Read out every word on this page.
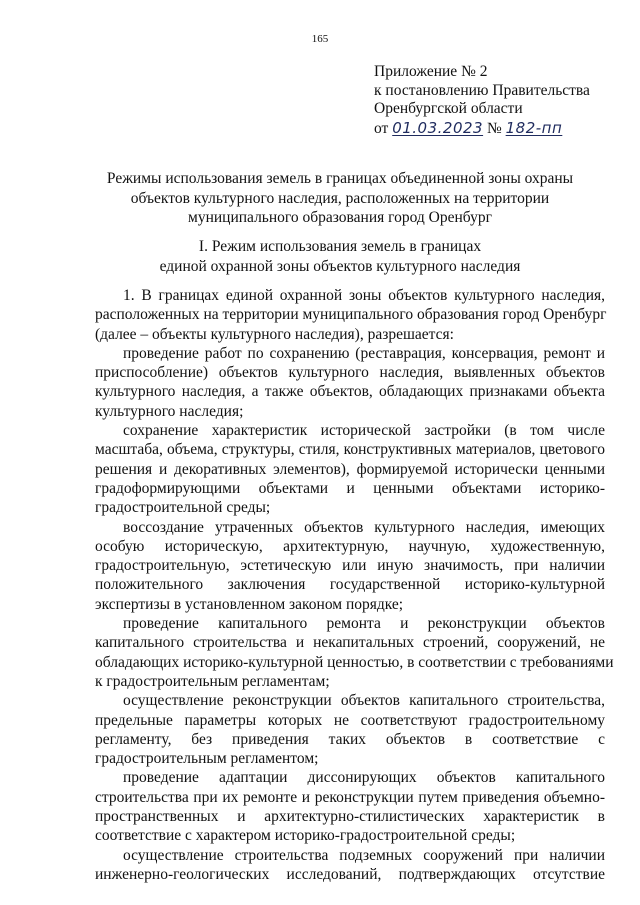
165
Приложение № 2
к постановлению Правительства
Оренбургской области
от 01.03.2023 № 182-пп
Режимы использования земель в границах объединенной зоны охраны
объектов культурного наследия, расположенных на территории
муниципального образования город Оренбург
I. Режим использования земель в границах
единой охранной зоны объектов культурного наследия
1. В границах единой охранной зоны объектов культурного наследия,
расположенных на территории муниципального образования город Оренбург
(далее – объекты культурного наследия), разрешается:
проведение работ по сохранению (реставрация, консервация, ремонт и
приспособление) объектов культурного наследия, выявленных объектов
культурного наследия, а также объектов, обладающих признаками объекта
культурного наследия;
сохранение характеристик исторической застройки (в том числе
масштаба, объема, структуры, стиля, конструктивных материалов, цветового
решения и декоративных элементов), формируемой исторически ценными
градоформирующими объектами и ценными объектами историко-
градостроительной среды;
воссоздание утраченных объектов культурного наследия, имеющих
особую историческую, архитектурную, научную, художественную,
градостроительную, эстетическую или иную значимость, при наличии
положительного заключения государственной историко-культурной
экспертизы в установленном законом порядке;
проведение капитального ремонта и реконструкции объектов
капитального строительства и некапитальных строений, сооружений, не
обладающих историко-культурной ценностью, в соответствии с требованиями
к градостроительным регламентам;
осуществление реконструкции объектов капитального строительства,
предельные параметры которых не соответствуют градостроительному
регламенту, без приведения таких объектов в соответствие с
градостроительным регламентом;
проведение адаптации диссонирующих объектов капитального
строительства при их ремонте и реконструкции путем приведения объемно-
пространственных и архитектурно-стилистических характеристик в
соответствие с характером историко-градостроительной среды;
осуществление строительства подземных сооружений при наличии
инженерно-геологических исследований, подтверждающих отсутствие
